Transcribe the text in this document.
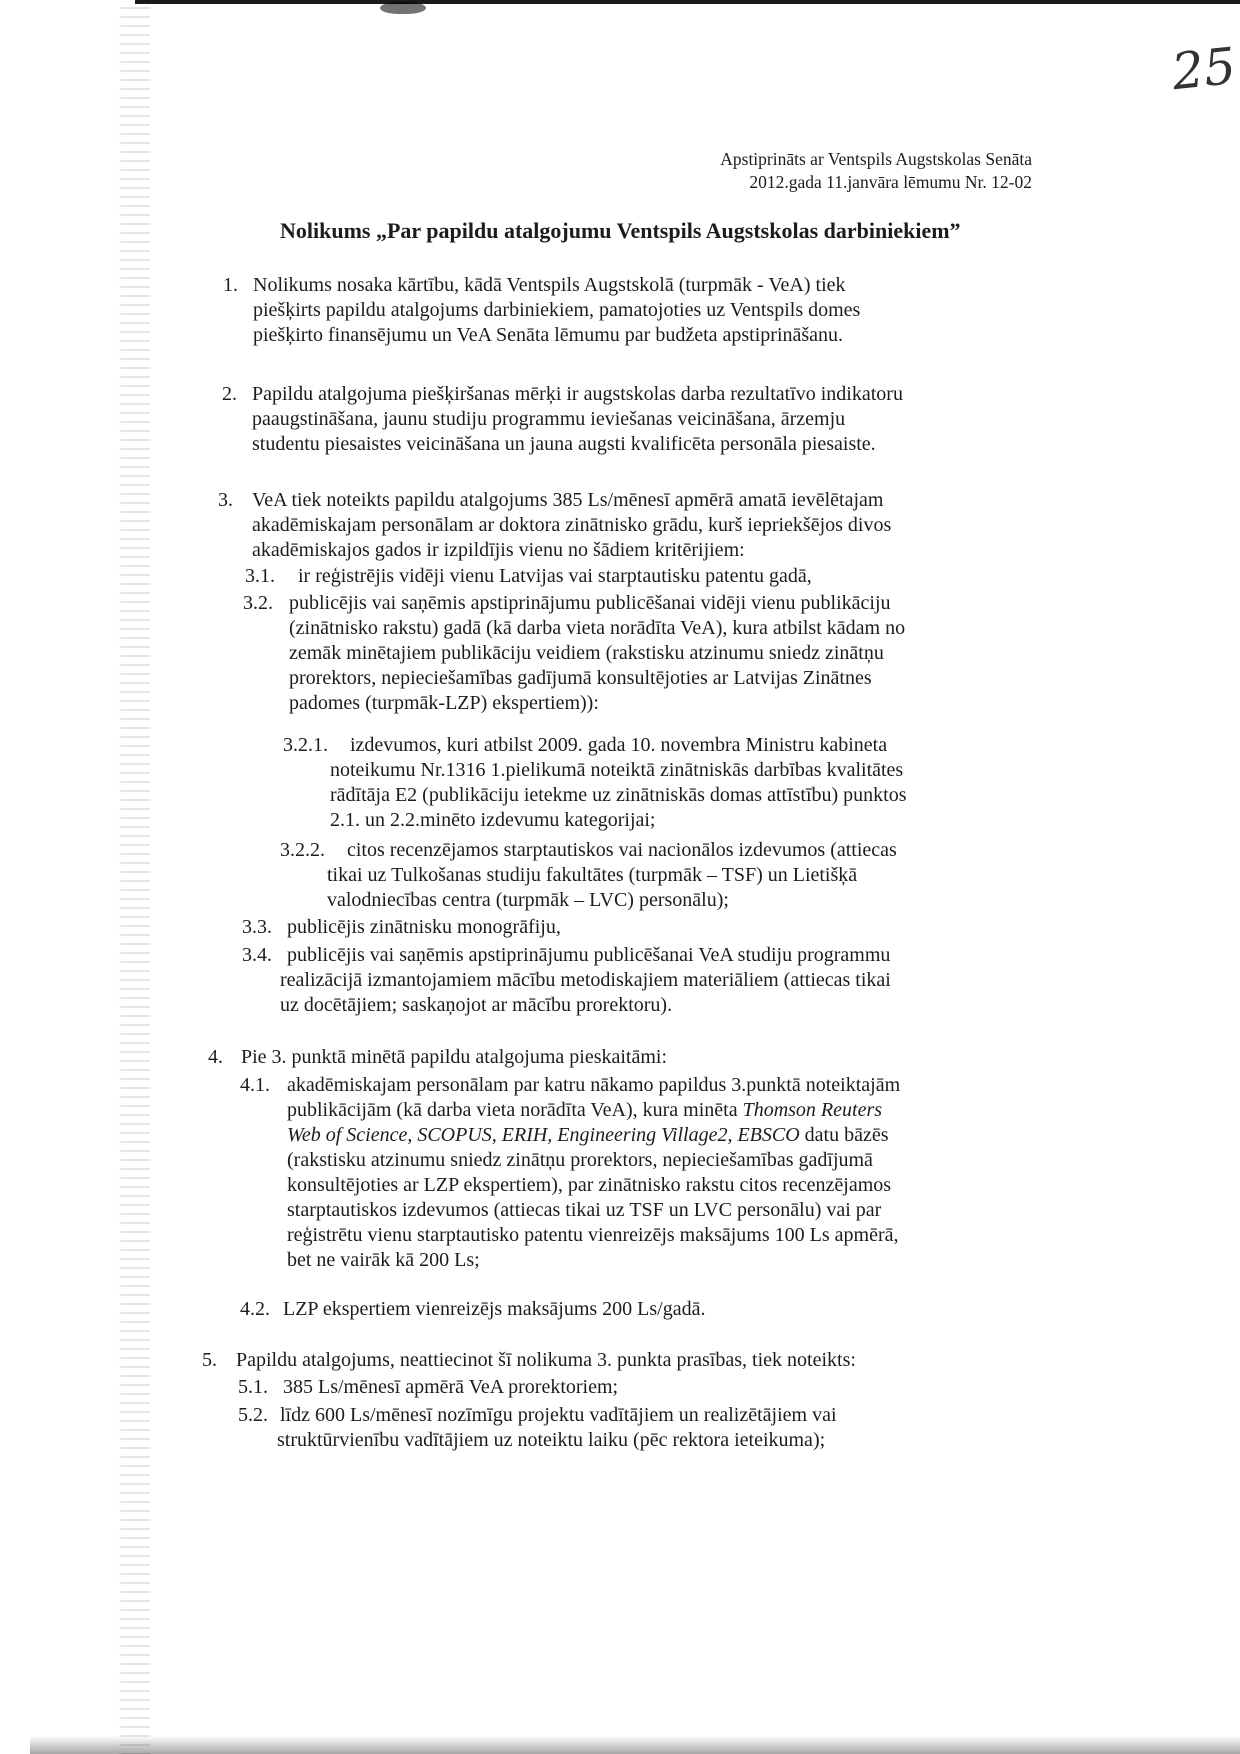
25
Apstiprināts ar Ventspils Augstskolas Senāta
2012.gada 11.janvāra lēmumu Nr. 12-02
Nolikums „Par papildu atalgojumu Ventspils Augstskolas darbiniekiem”
1. Nolikums nosaka kārtību, kādā Ventspils Augstskolā (turpmāk - VeA) tiek
piešķirts papildu atalgojums darbiniekiem, pamatojoties uz Ventspils domes
piešķirto finansējumu un VeA Senāta lēmumu par budžeta apstiprināšanu.
2. Papildu atalgojuma piešķiršanas mērķi ir augstskolas darba rezultatīvo indikatoru
paaugstināšana, jaunu studiju programmu ieviešanas veicināšana, ārzemju
studentu piesaistes veicināšana un jauna augsti kvalificēta personāla piesaiste.
3. VeA tiek noteikts papildu atalgojums 385 Ls/mēnesī apmērā amatā ievēlētajam
akadēmiskajam personālam ar doktora zinātnisko grādu, kurš iepriekšējos divos
akadēmiskajos gados ir izpildījis vienu no šādiem kritērijiem:
3.1. ir reģistrējis vidēji vienu Latvijas vai starptautisku patentu gadā,
3.2. publicējis vai saņēmis apstiprinājumu publicēšanai vidēji vienu publikāciju
(zinātnisko rakstu) gadā (kā darba vieta norādīta VeA), kura atbilst kādam no
zemāk minētajiem publikāciju veidiem (rakstisku atzinumu sniedz zinātņu
prorektors, nepieciešamības gadījumā konsultējoties ar Latvijas Zinātnes
padomes (turpmāk-LZP) ekspertiem)):
3.2.1. izdevumos, kuri atbilst 2009. gada 10. novembra Ministru kabineta
noteikumu Nr.1316 1.pielikumā noteiktā zinātniskās darbības kvalitātes
rādītāja E2 (publikāciju ietekme uz zinātniskās domas attīstību) punktos
2.1. un 2.2.minēto izdevumu kategorijai;
3.2.2. citos recenzējamos starptautiskos vai nacionālos izdevumos (attiecas
tikai uz Tulkošanas studiju fakultātes (turpmāk – TSF) un Lietišķā
valodniecības centra (turpmāk – LVC) personālu);
3.3. publicējis zinātnisku monogrāfiju,
3.4. publicējis vai saņēmis apstiprinājumu publicēšanai VeA studiju programmu
realizācijā izmantojamiem mācību metodiskajiem materiāliem (attiecas tikai
uz docētājiem; saskaņojot ar mācību prorektoru).
4. Pie 3. punktā minētā papildu atalgojuma pieskaitāmi:
4.1. akadēmiskajam personālam par katru nākamo papildus 3.punktā noteiktajām
publikācijām (kā darba vieta norādīta VeA), kura minēta Thomson Reuters
Web of Science, SCOPUS, ERIH, Engineering Village2, EBSCO datu bāzēs
(rakstisku atzinumu sniedz zinātņu prorektors, nepieciešamības gadījumā
konsultējoties ar LZP ekspertiem), par zinātnisko rakstu citos recenzējamos
starptautiskos izdevumos (attiecas tikai uz TSF un LVC personālu) vai par
reģistrētu vienu starptautisko patentu vienreizējs maksājums 100 Ls apmērā,
bet ne vairāk kā 200 Ls;
4.2. LZP ekspertiem vienreizējs maksājums 200 Ls/gadā.
5. Papildu atalgojums, neattiecinot šī nolikuma 3. punkta prasības, tiek noteikts:
5.1. 385 Ls/mēnesī apmērā VeA prorektoriem;
5.2. līdz 600 Ls/mēnesī nozīmīgu projektu vadītājiem un realizētājiem vai
struktūrvienību vadītājiem uz noteiktu laiku (pēc rektora ieteikuma);
